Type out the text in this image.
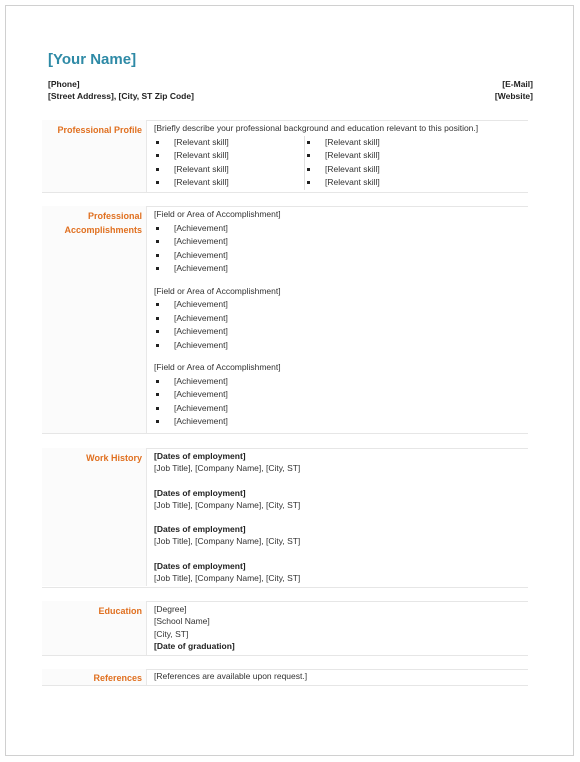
[Your Name]
[Phone]
[Street Address], [City, ST Zip Code]
[E-Mail]
[Website]
Professional Profile [Briefly describe your professional background and education relevant to this position.]
[Relevant skill]
[Relevant skill]
[Relevant skill]
[Relevant skill]
[Relevant skill]
[Relevant skill]
[Relevant skill]
[Relevant skill]
Professional
Accomplishments
[Field or Area of Accomplishment]
[Achievement]
[Achievement]
[Achievement]
[Achievement]
[Field or Area of Accomplishment]
[Achievement]
[Achievement]
[Achievement]
[Achievement]
[Field or Area of Accomplishment]
[Achievement]
[Achievement]
[Achievement]
[Achievement]
Work History [Dates of employment]
[Job Title], [Company Name], [City, ST]
[Dates of employment]
[Job Title], [Company Name], [City, ST]
[Dates of employment]
[Job Title], [Company Name], [City, ST]
[Dates of employment]
[Job Title], [Company Name], [City, ST]
Education [Degree]
[School Name]
[City, ST]
[Date of graduation]
References [References are available upon request.]
